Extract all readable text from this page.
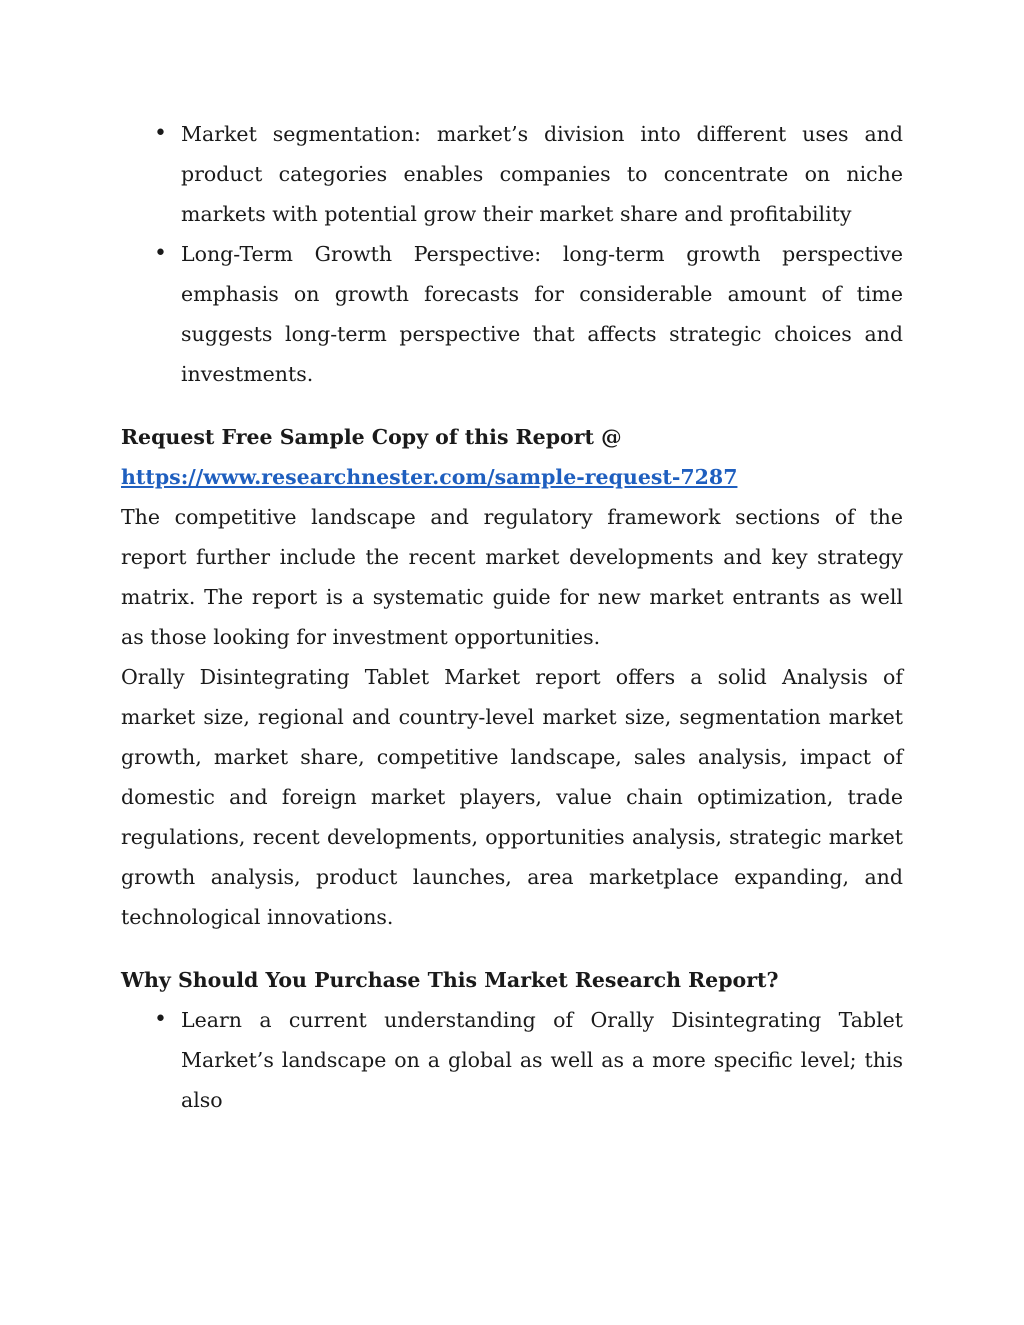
• Market segmentation: market’s division into different uses and product categories enables companies to concentrate on niche markets with potential grow their market share and profitability
• Long-Term Growth Perspective: long-term growth perspective emphasis on growth forecasts for considerable amount of time suggests long-term perspective that affects strategic choices and investments.
Request Free Sample Copy of this Report @
https://www.researchnester.com/sample-request-7287

The competitive landscape and regulatory framework sections of the report further include the recent market developments and key strategy matrix. The report is a systematic guide for new market entrants as well as those looking for investment opportunities.

Orally Disintegrating Tablet Market report offers a solid Analysis of market size, regional and country-level market size, segmentation market growth, market share, competitive landscape, sales analysis, impact of domestic and foreign market players, value chain optimization, trade regulations, recent developments, opportunities analysis, strategic market growth analysis, product launches, area marketplace expanding, and technological innovations.

Why Should You Purchase This Market Research Report?
• Learn a current understanding of Orally Disintegrating Tablet Market’s landscape on a global as well as a more specific level; this also
